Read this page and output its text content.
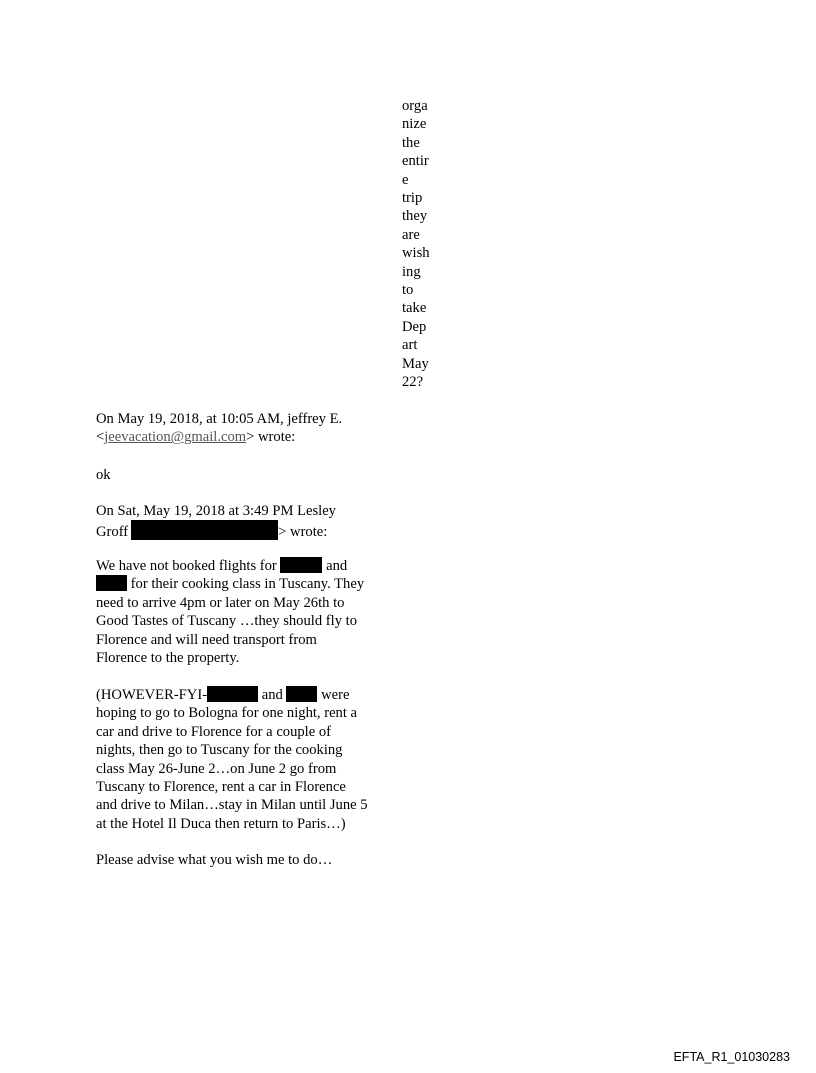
orga
nize
the
entir
e
trip
they
are
wish
ing
to
take
Dep
art
May
22?
On May 19, 2018, at 10:05 AM, jeffrey E.
<jeevacation@gmail.com> wrote:
ok
On Sat, May 19, 2018 at 3:49 PM Lesley
Groff	> wrote:
We have not booked flights for	and
for their cooking class in Tuscany. They
need to arrive 4pm or later on May 26th to
Good Tastes of Tuscany …they should fly to
Florence and will need transport from
Florence to the property.
(HOWEVER-FYI-	and	were
hoping to go to Bologna for one night, rent a
car and drive to Florence for a couple of
nights, then go to Tuscany for the cooking
class May 26-June 2…on June 2 go from
Tuscany to Florence, rent a car in Florence
and drive to Milan…stay in Milan until June 5
at the Hotel Il Duca then return to Paris…)
Please advise what you wish me to do…
EFTA_R1_01030283
